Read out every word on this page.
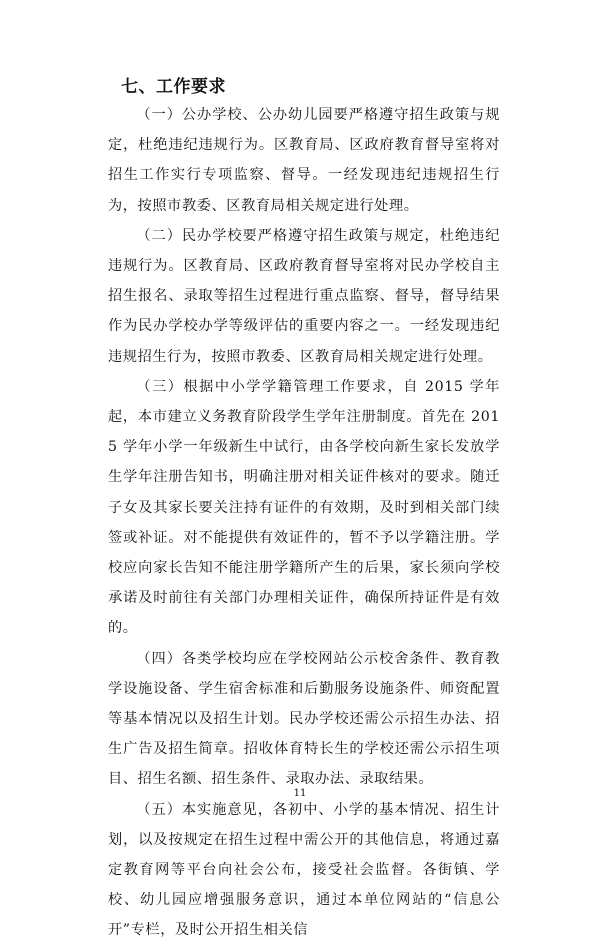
七、工作要求

（一）公办学校、公办幼儿园要严格遵守招生政策与规定，杜绝违纪违规行为。区教育局、区政府教育督导室将对招生工作实行专项监察、督导。一经发现违纪违规招生行为，按照市教委、区教育局相关规定进行处理。

（二）民办学校要严格遵守招生政策与规定，杜绝违纪违规行为。区教育局、区政府教育督导室将对民办学校自主招生报名、录取等招生过程进行重点监察、督导，督导结果作为民办学校办学等级评估的重要内容之一。一经发现违纪违规招生行为，按照市教委、区教育局相关规定进行处理。

（三）根据中小学学籍管理工作要求，自 2015 学年起，本市建立义务教育阶段学生学年注册制度。首先在 2015 学年小学一年级新生中试行，由各学校向新生家长发放学生学年注册告知书，明确注册对相关证件核对的要求。随迁子女及其家长要关注持有证件的有效期，及时到相关部门续签或补证。对不能提供有效证件的，暂不予以学籍注册。学校应向家长告知不能注册学籍所产生的后果，家长须向学校承诺及时前往有关部门办理相关证件，确保所持证件是有效的。

（四）各类学校均应在学校网站公示校舍条件、教育教学设施设备、学生宿舍标准和后勤服务设施条件、师资配置等基本情况以及招生计划。民办学校还需公示招生办法、招生广告及招生简章。招收体育特长生的学校还需公示招生项目、招生名额、招生条件、录取办法、录取结果。

（五）本实施意见，各初中、小学的基本情况、招生计划，以及按规定在招生过程中需公开的其他信息，将通过嘉定教育网等平台向社会公布，接受社会监督。各街镇、学校、幼儿园应增强服务意识，通过本单位网站的“信息公开”专栏，及时公开招生相关信

11
